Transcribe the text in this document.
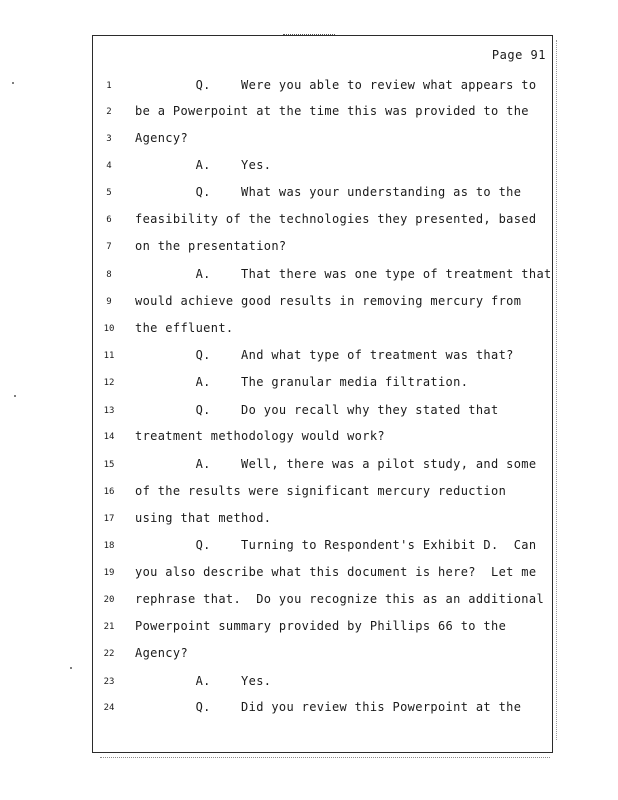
Page 91
1	Q.    Were you able to review what appears to
2	be a Powerpoint at the time this was provided to the
3	Agency?
4	A.    Yes.
5	Q.    What was your understanding as to the
6	feasibility of the technologies they presented, based
7	on the presentation?
8	A.    That there was one type of treatment that
9	would achieve good results in removing mercury from
10	the effluent.
11	Q.    And what type of treatment was that?
12	A.    The granular media filtration.
13	Q.    Do you recall why they stated that
14	treatment methodology would work?
15	A.    Well, there was a pilot study, and some
16	of the results were significant mercury reduction
17	using that method.
18	Q.    Turning to Respondent's Exhibit D.  Can
19	you also describe what this document is here?  Let me
20	rephrase that.  Do you recognize this as an additional
21	Powerpoint summary provided by Phillips 66 to the
22	Agency?
23	A.    Yes.
24	Q.    Did you review this Powerpoint at the
